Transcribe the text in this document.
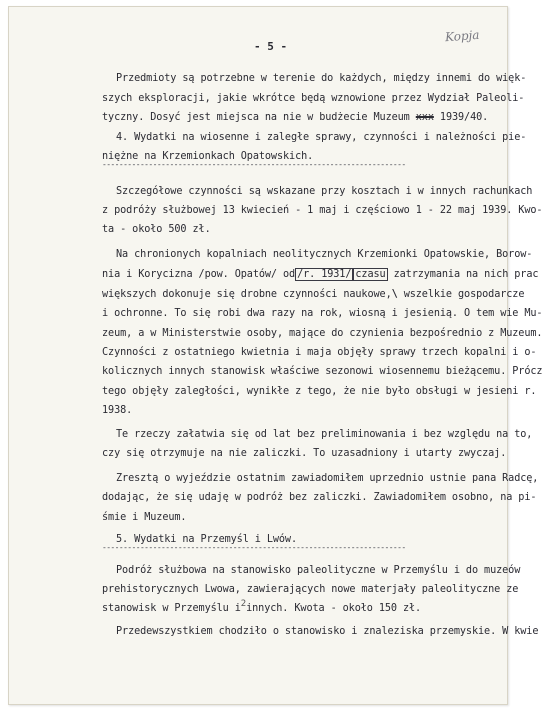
- 5 -
Kopja
Przedmioty są potrzebne w terenie do każdych, między innemi do więk-
szych eksploracji, jakie wkrótce będą wznowione przez Wydział Paleoli-
tyczny. Dosyć jest miejsca na nie w budżecie Muzeum xxx 1939/40.
4. Wydatki na wiosenne i zaległe sprawy, czynności i należności pie-
niężne na Krzemionkach Opatowskich.
------------------------------------------------------------------------
Szczegółowe czynności są wskazane przy kosztach i w innych rachunkach
z podróży służbowej 13 kwiecień - 1 maj i częściowo 1 - 22 maj 1939. Kwo-
ta - około 500 zł.
Na chronionych kopalniach neolitycznych Krzemionki Opatowskie, Borow-
nia i Korycizna /pow. Opatów/ od /r. 1931/ czasu zatrzymania na nich prac
większych dokonuje się drobne czynności naukowe,\ wszelkie gospodarcze
i ochronne. To się robi dwa razy na rok, wiosną i jesienią. O tem wie Mu-
zeum, a w Ministerstwie osoby, mające do czynienia bezpośrednio z Muzeum.
Czynności z ostatniego kwietnia i maja objęły sprawy trzech kopalni i o-
kolicznych innych stanowisk właściwe sezonowi wiosennemu bieżącemu. Prócz
tego objęły zaległości, wynikłe z tego, że nie było obsługi w jesieni r.
1938.
Te rzeczy załatwia się od lat bez preliminowania i bez względu na to,
czy się otrzymuje na nie zaliczki. To uzasadniony i utarty zwyczaj.
Zresztą o wyjeździe ostatnim zawiadomiłem uprzednio ustnie pana Radcę,
dodając, że się udaję w podróż bez zaliczki. Zawiadomiłem osobno, na pi-
śmie i Muzeum.
5. Wydatki na Przemyśl i Lwów.
------------------------------------------------------------------------
Podróż służbowa na stanowisko paleolityczne w Przemyślu i do muzeów
prehistorycznych Lwowa, zawierających nowe materjały paleolityczne ze
stanowisk w Przemyślu i2innych. Kwota - około 150 zł.
Przedewszystkiem chodziło o stanowisko i znaleziska przemyskie. W kwie
